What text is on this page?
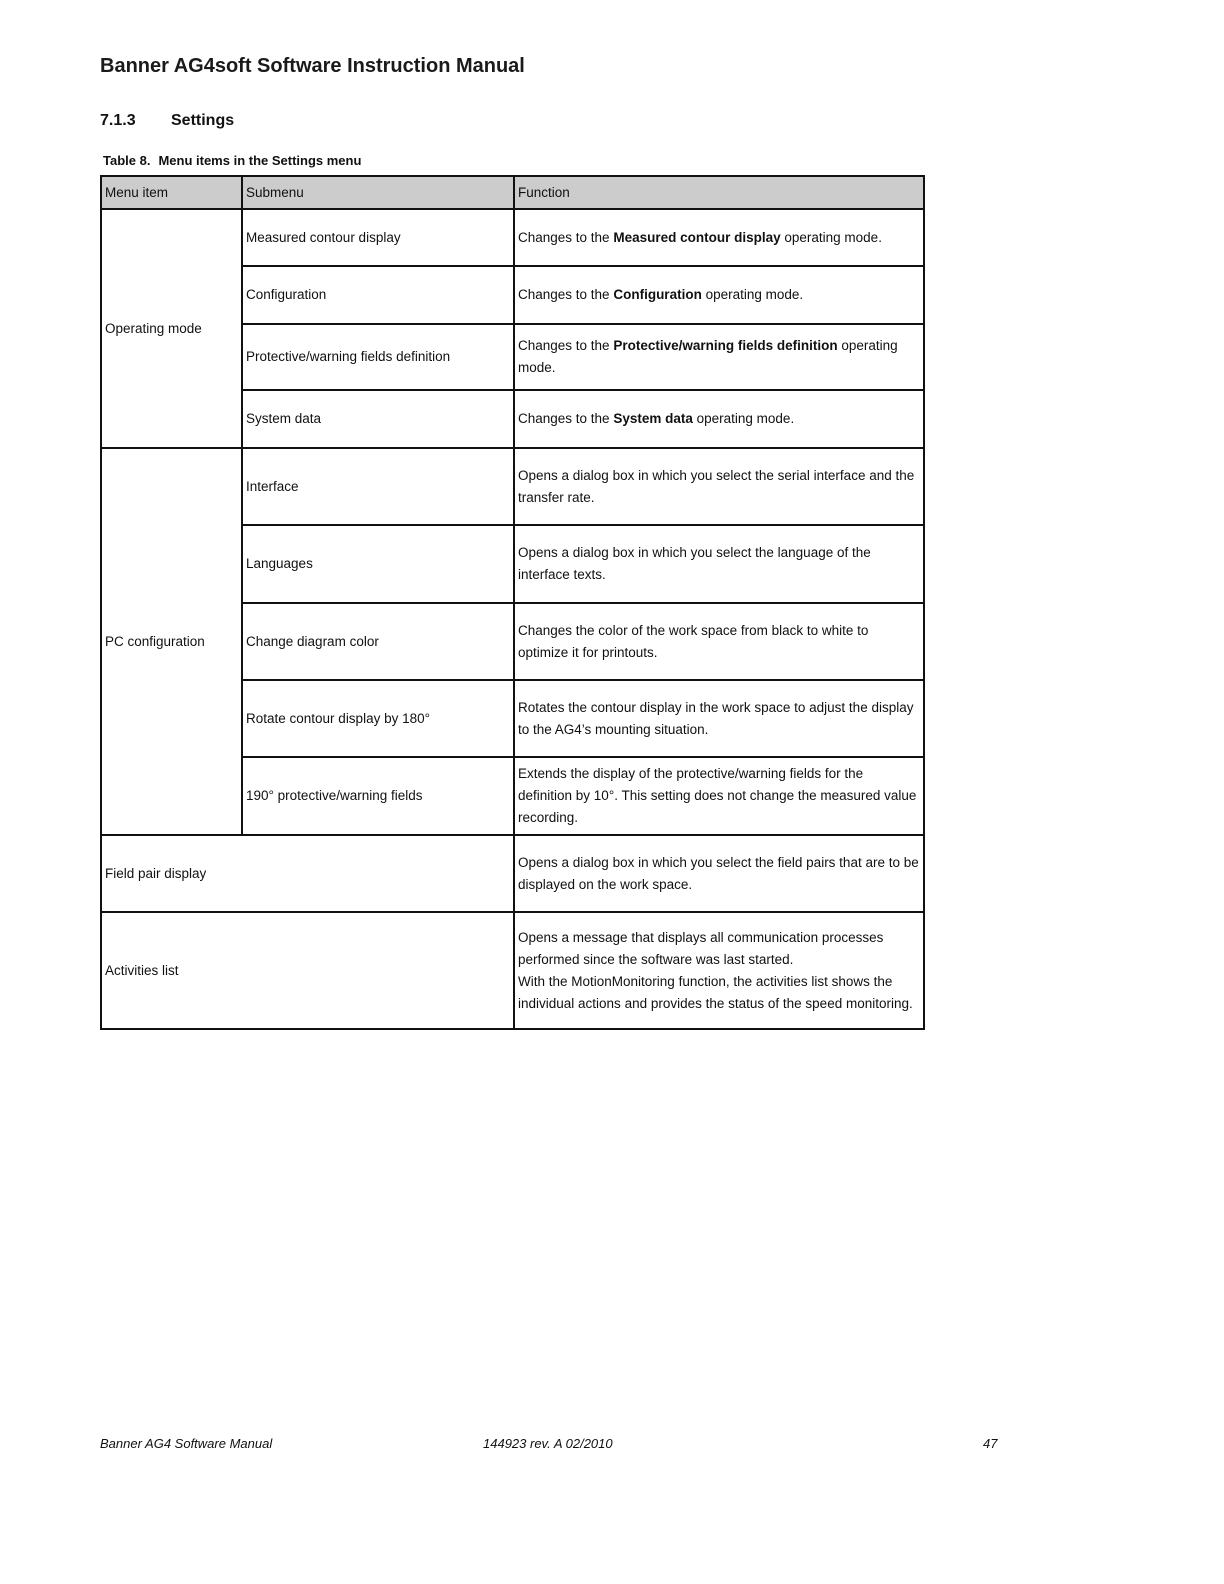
Banner AG4soft Software Instruction Manual
7.1.3 Settings
Table 8. Menu items in the Settings menu
Menu item	Submenu	Function
Operating mode	Measured contour display	Changes to the Measured contour display operating mode.
	Configuration	Changes to the Configuration operating mode.
	Protective/warning fields definition	Changes to the Protective/warning fields definition operating mode.
	System data	Changes to the System data operating mode.
PC configuration	Interface	Opens a dialog box in which you select the serial interface and the transfer rate.
	Languages	Opens a dialog box in which you select the language of the interface texts.
	Change diagram color	Changes the color of the work space from black to white to optimize it for printouts.
	Rotate contour display by 180°	Rotates the contour display in the work space to adjust the display to the AG4’s mounting situation.
	190° protective/warning fields	Extends the display of the protective/warning fields for the definition by 10°. This setting does not change the measured value recording.
Field pair display		Opens a dialog box in which you select the field pairs that are to be displayed on the work space.
Activities list		Opens a message that displays all communication processes performed since the software was last started.
With the MotionMonitoring function, the activities list shows the individual actions and provides the status of the speed monitoring.
Banner AG4 Software Manual	144923 rev. A 02/2010	47
